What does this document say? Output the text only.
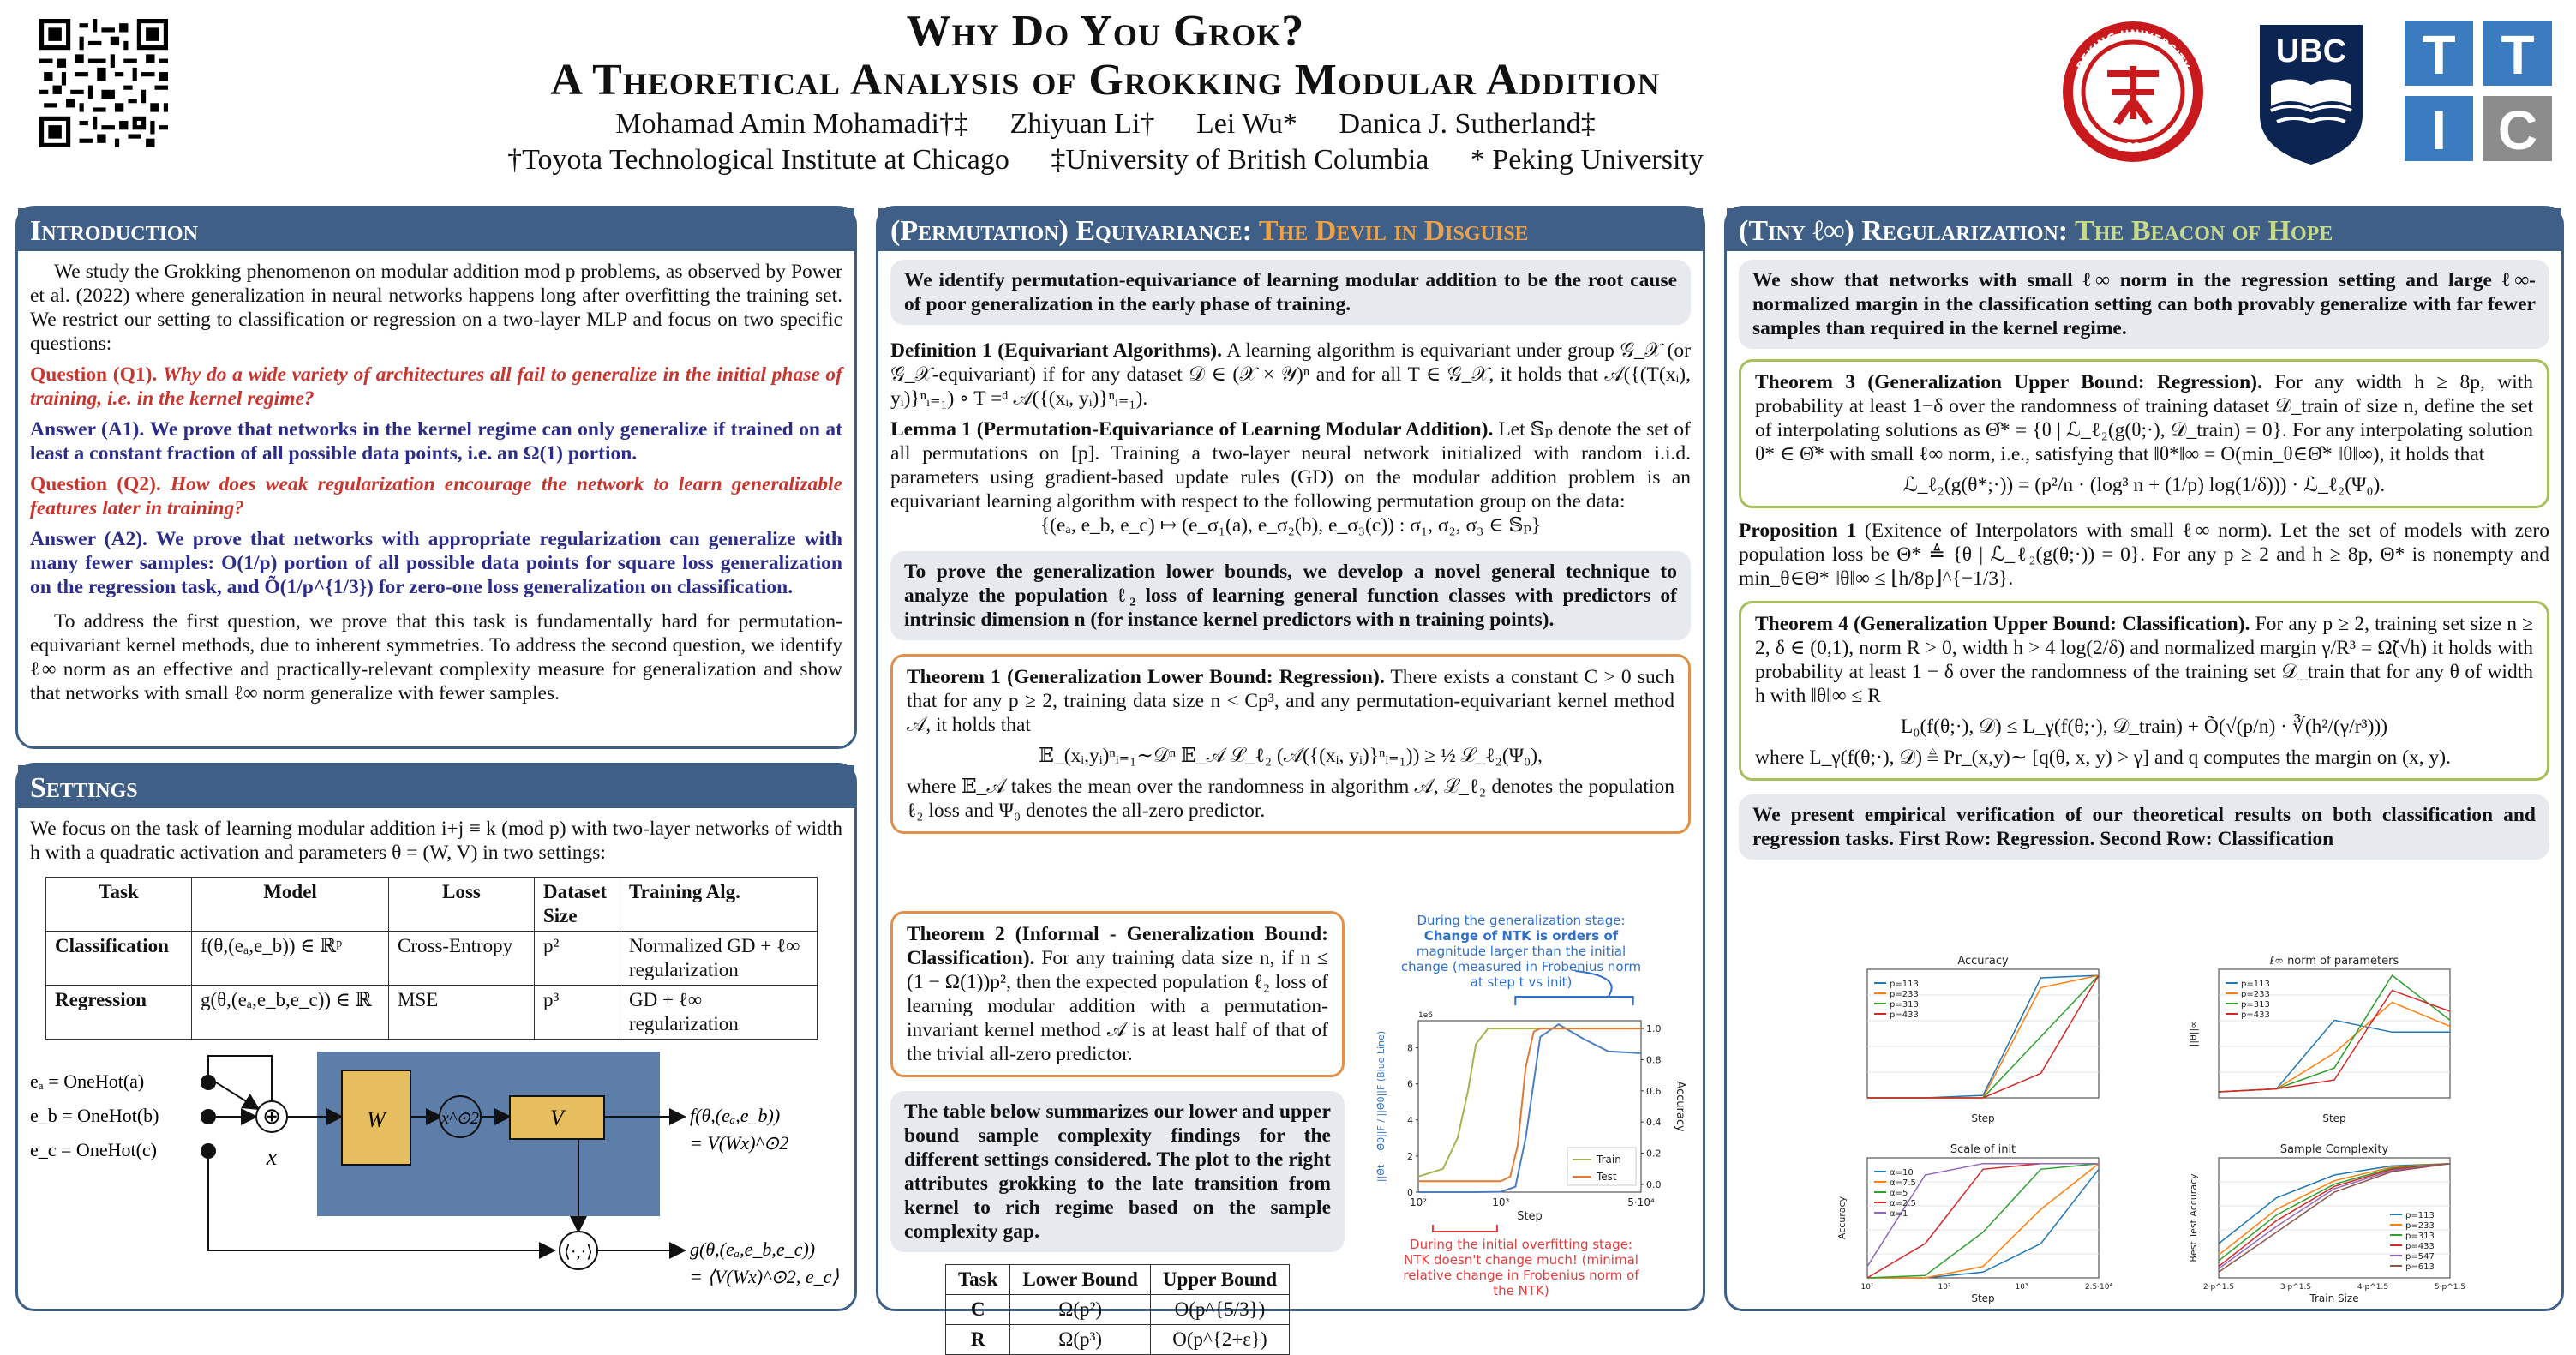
Why Do You Grok?
A Theoretical Analysis of Grokking Modular Addition
Mohamad Amin Mohamadi†‡ Zhiyuan Li† Lei Wu* Danica J. Sutherland‡
†Toyota Technological Institute at Chicago ‡University of British Columbia * Peking University
PEKING UNIVERSITY
1898
UBC T T
I C
Introduction

We study the Grokking phenomenon on modular addition mod p problems, as observed by Power et al. (2022) where generalization in neural networks happens long after overfitting the training set. We restrict our setting to classification or regression on a two-layer MLP and focus on two specific questions:

Question (Q1). Why do a wide variety of architectures all fail to generalize in the initial phase of training, i.e. in the kernel regime?

Answer (A1). We prove that networks in the kernel regime can only generalize if trained on at least a constant fraction of all possible data points, i.e. an Ω(1) portion.

Question (Q2). How does weak regularization encourage the network to learn generalizable features later in training?

Answer (A2). We prove that networks with appropriate regularization can generalize with many fewer samples: O(1/p) portion of all possible data points for square loss generalization on the regression task, and Õ(1/p^{1/3}) for zero-one loss generalization on classification.

To address the first question, we prove that this task is fundamentally hard for permutation-equivariant kernel methods, due to inherent symmetries. To address the second question, we identify ℓ∞ norm as an effective and practically-relevant complexity measure for generalization and show that networks with small ℓ∞ norm generalize with fewer samples.

Settings

We focus on the task of learning modular addition i+j ≡ k (mod p) with two-layer networks of width h with a quadratic activation and parameters θ = (W, V) in two settings:

Task	Model	Loss	Dataset Size	Training Alg.
Classification	f(θ,(eₐ,e_b)) ∈ ℝᵖ	Cross-Entropy	p²	Normalized GD + ℓ∞ regularization
Regression	g(θ,(eₐ,e_b,e_c)) ∈ ℝ	MSE	p³	GD + ℓ∞ regularization
eₐ = OneHot(a)
e_b = OneHot(b)
e_c = OneHot(c)
⊕
x
W	x^⊙2	V
⟨·,·⟩
f(θ,(eₐ,e_b))
= V(Wx)^⊙2
g(θ,(eₐ,e_b,e_c))
= ⟨V(Wx)^⊙2, e_c⟩
(Permutation) Equivariance: The Devil in Disguise
We identify permutation-equivariance of learning modular addition to be the root cause of poor generalization in the early phase of training.

Definition 1 (Equivariant Algorithms). A learning algorithm is equivariant under group 𝒢_𝒳 (or 𝒢_𝒳-equivariant) if for any dataset 𝒟 ∈ (𝒳 × 𝒴)ⁿ and for all T ∈ 𝒢_𝒳, it holds that 𝒜({(T(xᵢ), yᵢ)}ⁿᵢ₌₁) ∘ T =ᵈ 𝒜({(xᵢ, yᵢ)}ⁿᵢ₌₁).

Lemma 1 (Permutation-Equivariance of Learning Modular Addition). Let 𝕊ₚ denote the set of all permutations on [p]. Training a two-layer neural network initialized with random i.i.d. parameters using gradient-based update rules (GD) on the modular addition problem is an equivariant learning algorithm with respect to the following permutation group on the data:

{(eₐ, e_b, e_c) ↦ (e_σ₁(a), e_σ₂(b), e_σ₃(c)) : σ₁, σ₂, σ₃ ∈ 𝕊ₚ}

To prove the generalization lower bounds, we develop a novel general technique to analyze the population ℓ₂ loss of learning general function classes with predictors of intrinsic dimension n (for instance kernel predictors with n training points).

Theorem 1 (Generalization Lower Bound: Regression). There exists a constant C > 0 such that for any p ≥ 2, training data size n < Cp³, and any permutation-equivariant kernel method 𝒜, it holds that

𝔼_(xᵢ,yᵢ)ⁿᵢ₌₁∼𝒟ⁿ 𝔼_𝒜 ℒ_ℓ₂ (𝒜({(xᵢ, yᵢ)}ⁿᵢ₌₁)) ≥ ½ ℒ_ℓ₂(Ψ₀),

where 𝔼_𝒜 takes the mean over the randomness in algorithm 𝒜, ℒ_ℓ₂ denotes the population ℓ₂ loss and Ψ₀ denotes the all-zero predictor.

Theorem 2 (Informal - Generalization Bound: Classification). For any training data size n, if n ≤ (1 − Ω(1))p², then the expected population ℓ₂ loss of learning modular addition with a permutation-invariant kernel method 𝒜 is at least half of that of the trivial all-zero predictor.

The table below summarizes our lower and upper bound sample complexity findings for the different settings considered. The plot to the right attributes grokking to the late transition from kernel to rich regime based on the sample complexity gap.
Task	Lower Bound	Upper Bound
C	Ω(p²)	O(p^{5/3})
R	Ω(p³)	O(p^{2+ε})
During the generalization stage:
Change of NTK is orders of
magnitude larger than the initial
change (measured in Frobenius norm
at step t vs init)
1e6
0
2
4
6
8
0.0
0.2
0.4
0.6
0.8
1.0
10²	10³	5·10⁴
Step
||Θ̂t − Θ̂0||F / ||Θ̂0||F (Blue Line)	Accuracy
Train
Test
During the initial overfitting stage:
NTK doesn't change much! (minimal
relative change in Frobenius norm of
the NTK)
(Tiny ℓ∞) Regularization: The Beacon of Hope
We show that networks with small ℓ∞ norm in the regression setting and large ℓ∞-normalized margin in the classification setting can both provably generalize with far fewer samples than required in the kernel regime.

Theorem 3 (Generalization Upper Bound: Regression). For any width h ≥ 8p, with probability at least 1−δ over the randomness of training dataset 𝒟_train of size n, define the set of interpolating solutions as Θ̂* = {θ | ℒ_ℓ₂(g(θ;·), 𝒟_train) = 0}. For any interpolating solution θ* ∈ Θ̂* with small ℓ∞ norm, i.e., satisfying that ‖θ*‖∞ = O(min_θ∈Θ̂* ‖θ‖∞), it holds that

ℒ_ℓ₂(g(θ*;·)) = (p²/n · (log³ n + (1/p) log(1/δ))) · ℒ_ℓ₂(Ψ₀).

Proposition 1 (Exitence of Interpolators with small ℓ∞ norm). Let the set of models with zero population loss be Θ* ≜ {θ | ℒ_ℓ₂(g(θ;·)) = 0}. For any p ≥ 2 and h ≥ 8p, Θ* is nonempty and min_θ∈Θ* ‖θ‖∞ ≤ ⌊h/8p⌋^{−1/3}.

Theorem 4 (Generalization Upper Bound: Classification). For any p ≥ 2, training set size n ≥ 2, δ ∈ (0,1), norm R > 0, width h > 4 log(2/δ) and normalized margin γ/R³ = Ω̃(√h) it holds with probability at least 1 − δ over the randomness of the training set 𝒟_train that for any θ of width h with ‖θ‖∞ ≤ R

L₀(f(θ;·), 𝒟) ≤ L_γ(f(θ;·), 𝒟_train) + Õ(√(p/n) · ∛(h²/(γ/r³)))

where L_γ(f(θ;·), 𝒟) ≜ Pr_(x,y)∼ [q(θ, x, y) > γ] and q computes the margin on (x, y).

We present empirical verification of our theoretical results on both classification and regression tasks. First Row: Regression. Second Row: Classification
Accuracy
Step
p=113
p=233
p=313
p=433
ℓ∞ norm of parameters
Step
||θ||∞
p=113
p=233
p=313
p=433
Scale of init
Step
Accuracy
10¹	10²	10³	2.5·10⁴
α=10
α=7.5
α=5
α=2.5
α=1
Sample Complexity
Train Size
Best Test Accuracy
2·p^1.5	3·p^1.5	4·p^1.5	5·p^1.5
p=113
p=233
p=313
p=433
p=547
p=613
